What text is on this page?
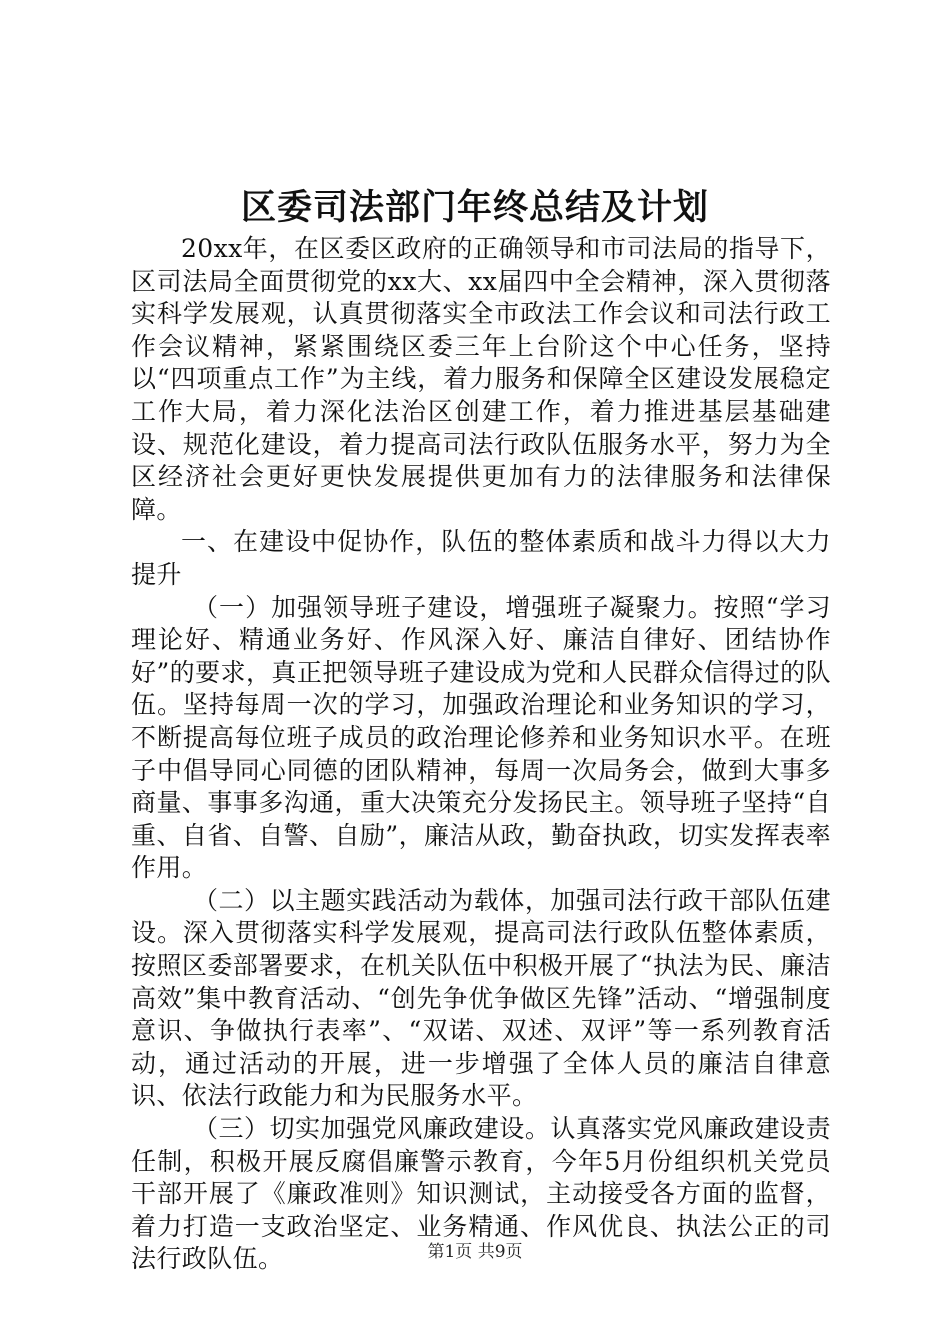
区委司法部门年终总结及计划

20xx年，在区委区政府的正确领导和市司法局的指导下，区司法局全面贯彻党的xx大、xx届四中全会精神，深入贯彻落实科学发展观，认真贯彻落实全市政法工作会议和司法行政工作会议精神，紧紧围绕区委三年上台阶这个中心任务，坚持以“四项重点工作”为主线，着力服务和保障全区建设发展稳定工作大局，着力深化法治区创建工作，着力推进基层基础建设、规范化建设，着力提高司法行政队伍服务水平，努力为全区经济社会更好更快发展提供更加有力的法律服务和法律保障。

一、在建设中促协作，队伍的整体素质和战斗力得以大力提升

（一）加强领导班子建设，增强班子凝聚力。按照“学习理论好、精通业务好、作风深入好、廉洁自律好、团结协作好”的要求，真正把领导班子建设成为党和人民群众信得过的队伍。坚持每周一次的学习，加强政治理论和业务知识的学习，不断提高每位班子成员的政治理论修养和业务知识水平。在班子中倡导同心同德的团队精神，每周一次局务会，做到大事多商量、事事多沟通，重大决策充分发扬民主。领导班子坚持“自重、自省、自警、自励”，廉洁从政，勤奋执政，切实发挥表率作用。

（二）以主题实践活动为载体，加强司法行政干部队伍建设。深入贯彻落实科学发展观，提高司法行政队伍整体素质，按照区委部署要求，在机关队伍中积极开展了“执法为民、廉洁高效”集中教育活动、“创先争优争做区先锋”活动、“增强制度意识、争做执行表率”、“双诺、双述、双评”等一系列教育活动，通过活动的开展，进一步增强了全体人员的廉洁自律意识、依法行政能力和为民服务水平。

（三）切实加强党风廉政建设。认真落实党风廉政建设责任制，积极开展反腐倡廉警示教育，今年5月份组织机关党员干部开展了《廉政准则》知识测试，主动接受各方面的监督，着力打造一支政治坚定、业务精通、作风优良、执法公正的司法行政队伍。	第1页 共9页
